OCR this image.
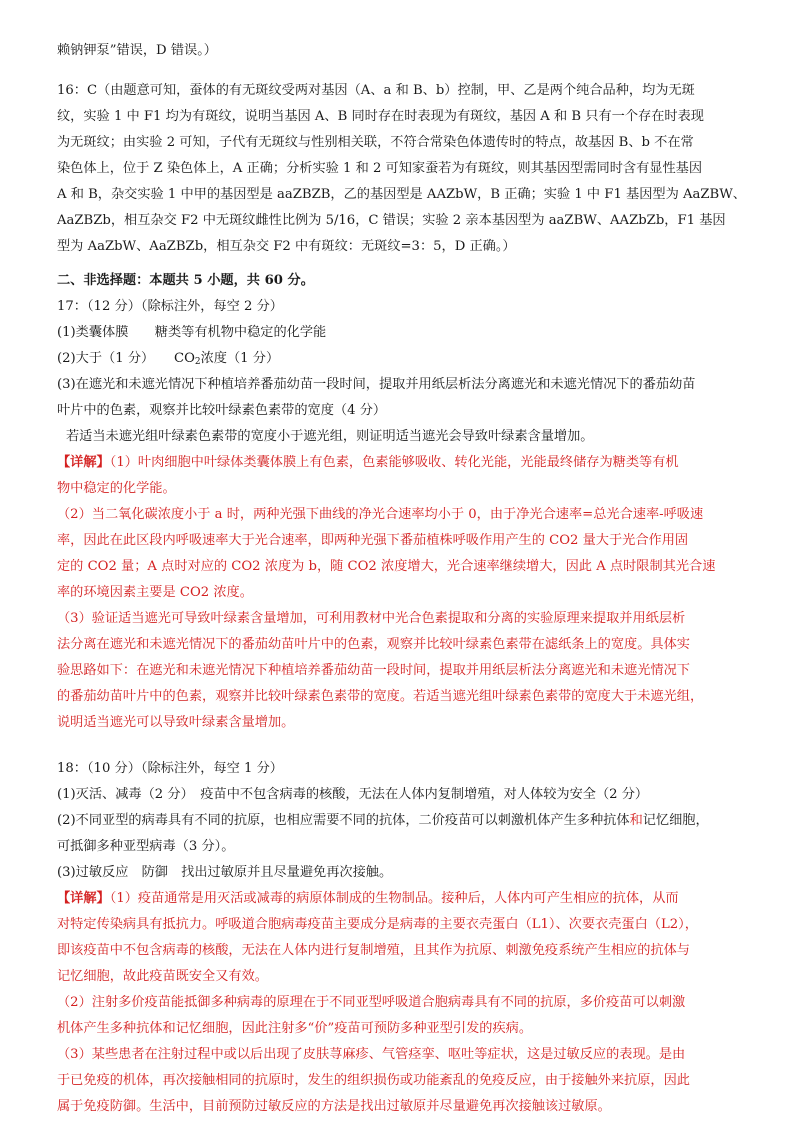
赖钠钾泵”错误，D 错误。）
16：C（由题意可知，蚕体的有无斑纹受两对基因（A、a 和 B、b）控制，甲、乙是两个纯合品种，均为无斑
纹，实验 1 中 F1 均为有斑纹，说明当基因 A、B 同时存在时表现为有斑纹，基因 A 和 B 只有一个存在时表现
为无斑纹；由实验 2 可知，子代有无斑纹与性别相关联，不符合常染色体遗传时的特点，故基因 B、b 不在常
染色体上，位于 Z 染色体上，A 正确；分析实验 1 和 2 可知家蚕若为有斑纹，则其基因型需同时含有显性基因
A 和 B，杂交实验 1 中甲的基因型是 aaZBZB，乙的基因型是 AAZbW，B 正确；实验 1 中 F1 基因型为 AaZBW、
AaZBZb，相互杂交 F2 中无斑纹雌性比例为 5/16，C 错误；实验 2 亲本基因型为 aaZBW、AAZbZb，F1 基因
型为 AaZbW、AaZBZb，相互杂交 F2 中有斑纹：无斑纹=3：5，D 正确。）
二、非选择题：本题共 5 小题，共 60 分。
17：（12 分）（除标注外，每空 2 分）
(1)类囊体膜　　糖类等有机物中稳定的化学能
(2)大于（1 分）　　$CO_2$浓度（1 分）
(3)在遮光和未遮光情况下种植培养番茄幼苗一段时间，提取并用纸层析法分离遮光和未遮光情况下的番茄幼苗
叶片中的色素，观察并比较叶绿素色素带的宽度（4 分）
若适当未遮光组叶绿素色素带的宽度小于遮光组，则证明适当遮光会导致叶绿素含量增加。
【详解】（1）叶肉细胞中叶绿体类囊体膜上有色素，色素能够吸收、转化光能，光能最终储存为糖类等有机
物中稳定的化学能。
（2）当二氧化碳浓度小于 a 时，两种光强下曲线的净光合速率均小于 0，由于净光合速率=总光合速率-呼吸速
率，因此在此区段内呼吸速率大于光合速率，即两种光强下番茄植株呼吸作用产生的 CO2 量大于光合作用固
定的 CO2 量；A 点时对应的 CO2 浓度为 b，随 CO2 浓度增大，光合速率继续增大，因此 A 点时限制其光合速
率的环境因素主要是 CO2 浓度。
（3）验证适当遮光可导致叶绿素含量增加，可利用教材中光合色素提取和分离的实验原理来提取并用纸层析
法分离在遮光和未遮光情况下的番茄幼苗叶片中的色素，观察并比较叶绿素色素带在滤纸条上的宽度。具体实
验思路如下：在遮光和未遮光情况下种植培养番茄幼苗一段时间，提取并用纸层析法分离遮光和未遮光情况下
的番茄幼苗叶片中的色素，观察并比较叶绿素色素带的宽度。若适当遮光组叶绿素色素带的宽度大于未遮光组，
说明适当遮光可以导致叶绿素含量增加。
18：（10 分）（除标注外，每空 1 分）
(1)灭活、减毒（2 分）　疫苗中不包含病毒的核酸，无法在人体内复制增殖，对人体较为安全（2 分）
(2)不同亚型的病毒具有不同的抗原，也相应需要不同的抗体，二价疫苗可以刺激机体产生多种抗体和记忆细胞，
可抵御多种亚型病毒（3 分）。
(3)过敏反应　防御　找出过敏原并且尽量避免再次接触。
【详解】（1）疫苗通常是用灭活或减毒的病原体制成的生物制品。接种后，人体内可产生相应的抗体，从而
对特定传染病具有抵抗力。呼吸道合胞病毒疫苗主要成分是病毒的主要衣壳蛋白（L1）、次要衣壳蛋白（L2），
即该疫苗中不包含病毒的核酸，无法在人体内进行复制增殖，且其作为抗原、刺激免疫系统产生相应的抗体与
记忆细胞，故此疫苗既安全又有效。
（2）注射多价疫苗能抵御多种病毒的原理在于不同亚型呼吸道合胞病毒具有不同的抗原，多价疫苗可以刺激
机体产生多种抗体和记忆细胞，因此注射多“价”疫苗可预防多种亚型引发的疾病。
（3）某些患者在注射过程中或以后出现了皮肤荨麻疹、气管痉挛、呕吐等症状，这是过敏反应的表现。是由
于已免疫的机体，再次接触相同的抗原时，发生的组织损伤或功能紊乱的免疫反应，由于接触外来抗原，因此
属于免疫防御。生活中，目前预防过敏反应的方法是找出过敏原并尽量避免再次接触该过敏原。
